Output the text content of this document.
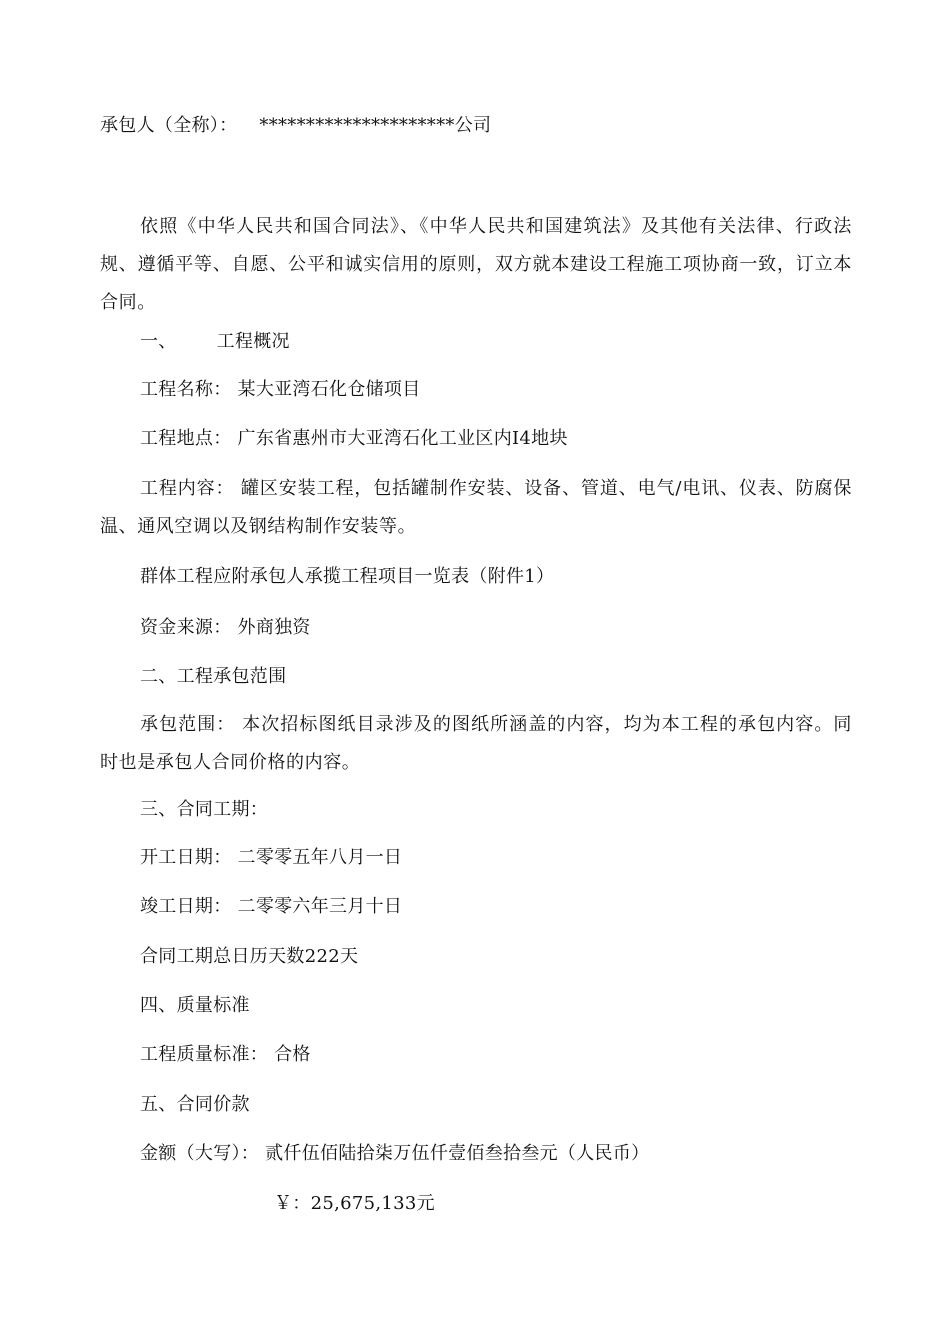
承包人（全称）： *********************公司
依照《中华人民共和国合同法》、《中华人民共和国建筑法》及其他有关法律、行政法规、遵循平等、自愿、公平和诚实信用的原则，双方就本建设工程施工项协商一致，订立本合同。
一、 工程概况
工程名称： 某大亚湾石化仓储项目
工程地点： 广东省惠州市大亚湾石化工业区内I4地块
工程内容： 罐区安装工程，包括罐制作安装、设备、管道、电气/电讯、仪表、防腐保温、通风空调以及钢结构制作安装等。
群体工程应附承包人承揽工程项目一览表（附件1）
资金来源： 外商独资
二、工程承包范围
承包范围： 本次招标图纸目录涉及的图纸所涵盖的内容，均为本工程的承包内容。同时也是承包人合同价格的内容。
三、合同工期：
开工日期： 二零零五年八月一日
竣工日期： 二零零六年三月十日
合同工期总日历天数222天
四、质量标准
工程质量标准： 合格
五、合同价款
金额（大写）： 贰仟伍佰陆拾柒万伍仟壹佰叁拾叁元（人民币）
￥：25,675,133元
